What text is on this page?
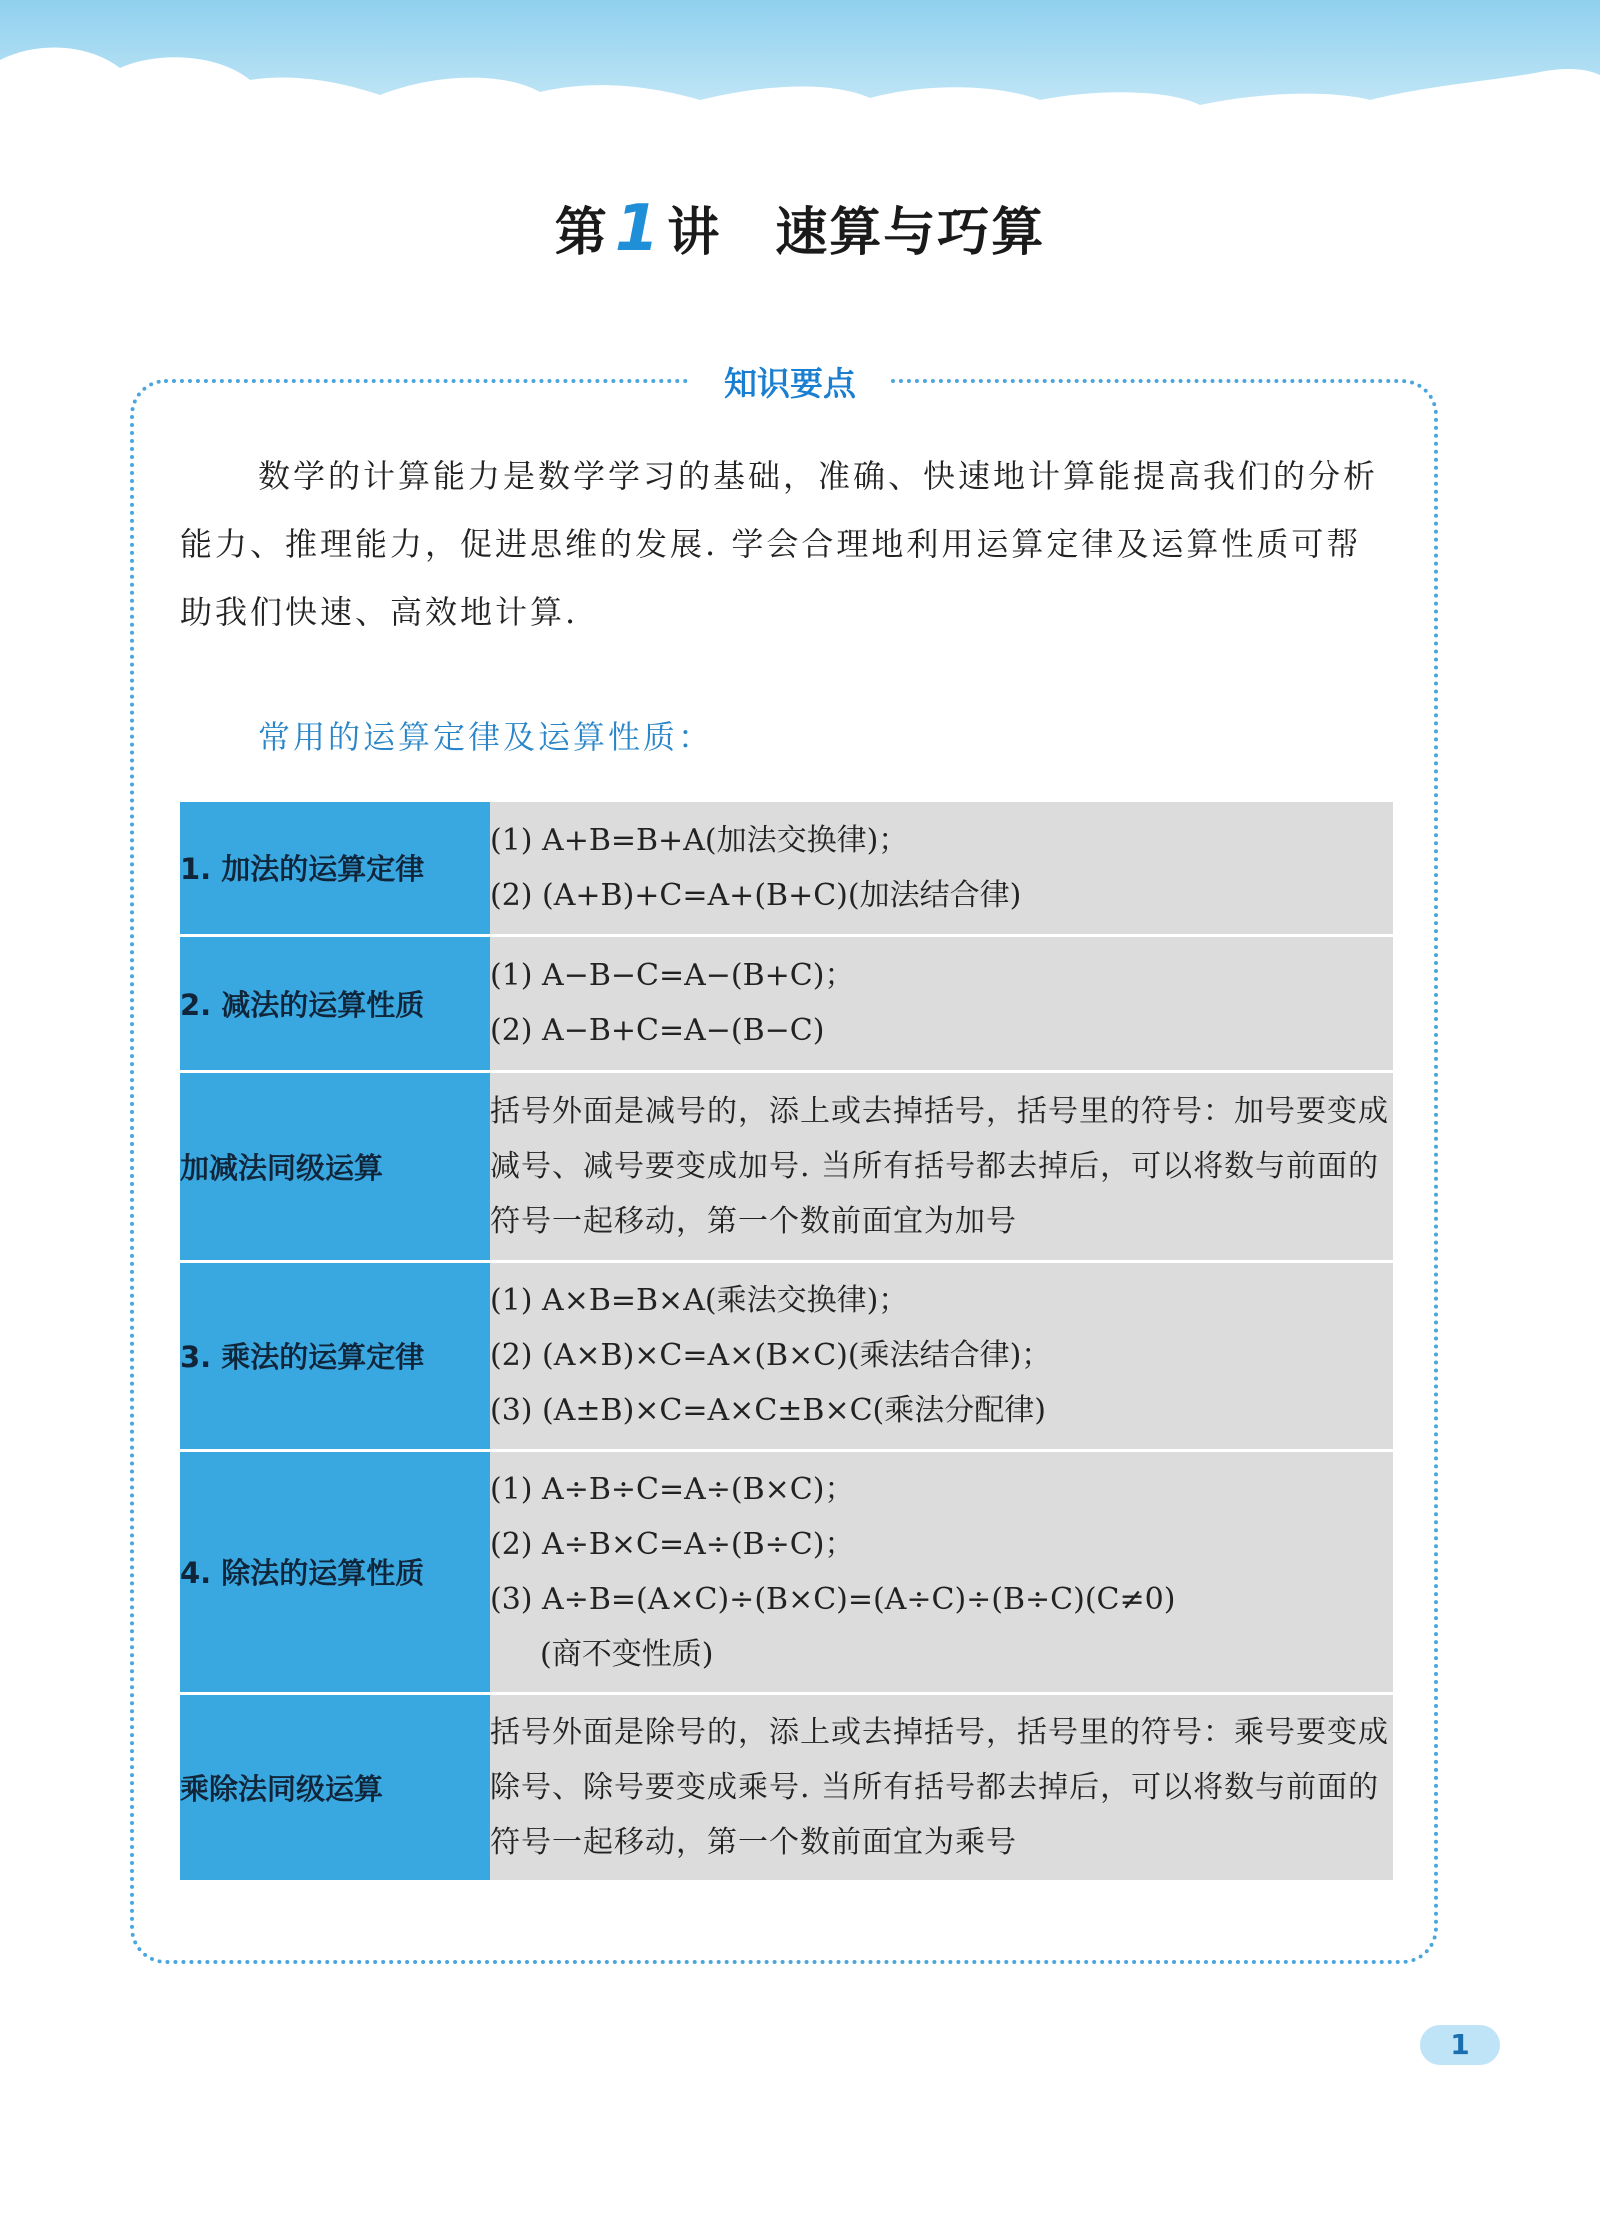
第1 讲 速算与巧算
知识要点
数学的计算能力是数学学习的基础，准确、快速地计算能提高我们的分析能力、推理能力，促进思维的发展. 学会合理地利用运算定律及运算性质可帮助我们快速、高效地计算.
常用的运算定律及运算性质：
1. 加法的运算定律	(1) A+B=B+A(加法交换律)；
(2) (A+B)+C=A+(B+C)(加法结合律)

2. 减法的运算性质	(1) A−B−C=A−(B+C)；
(2) A−B+C=A−(B−C)

加减法同级运算	括号外面是减号的，添上或去掉括号，括号里的符号：加号要变成减号、减号要变成加号. 当所有括号都去掉后，可以将数与前面的符号一起移动，第一个数前面宜为加号

3. 乘法的运算定律	(1) A×B=B×A(乘法交换律)；
(2) (A×B)×C=A×(B×C)(乘法结合律)；
(3) (A±B)×C=A×C±B×C(乘法分配律)

4. 除法的运算性质	(1) A÷B÷C=A÷(B×C)；
(2) A÷B×C=A÷(B÷C)；
(3) A÷B=(A×C)÷(B×C)=(A÷C)÷(B÷C)(C≠0)
(商不变性质)

乘除法同级运算	括号外面是除号的，添上或去掉括号，括号里的符号：乘号要变成除号、除号要变成乘号. 当所有括号都去掉后，可以将数与前面的符号一起移动，第一个数前面宜为乘号
1
